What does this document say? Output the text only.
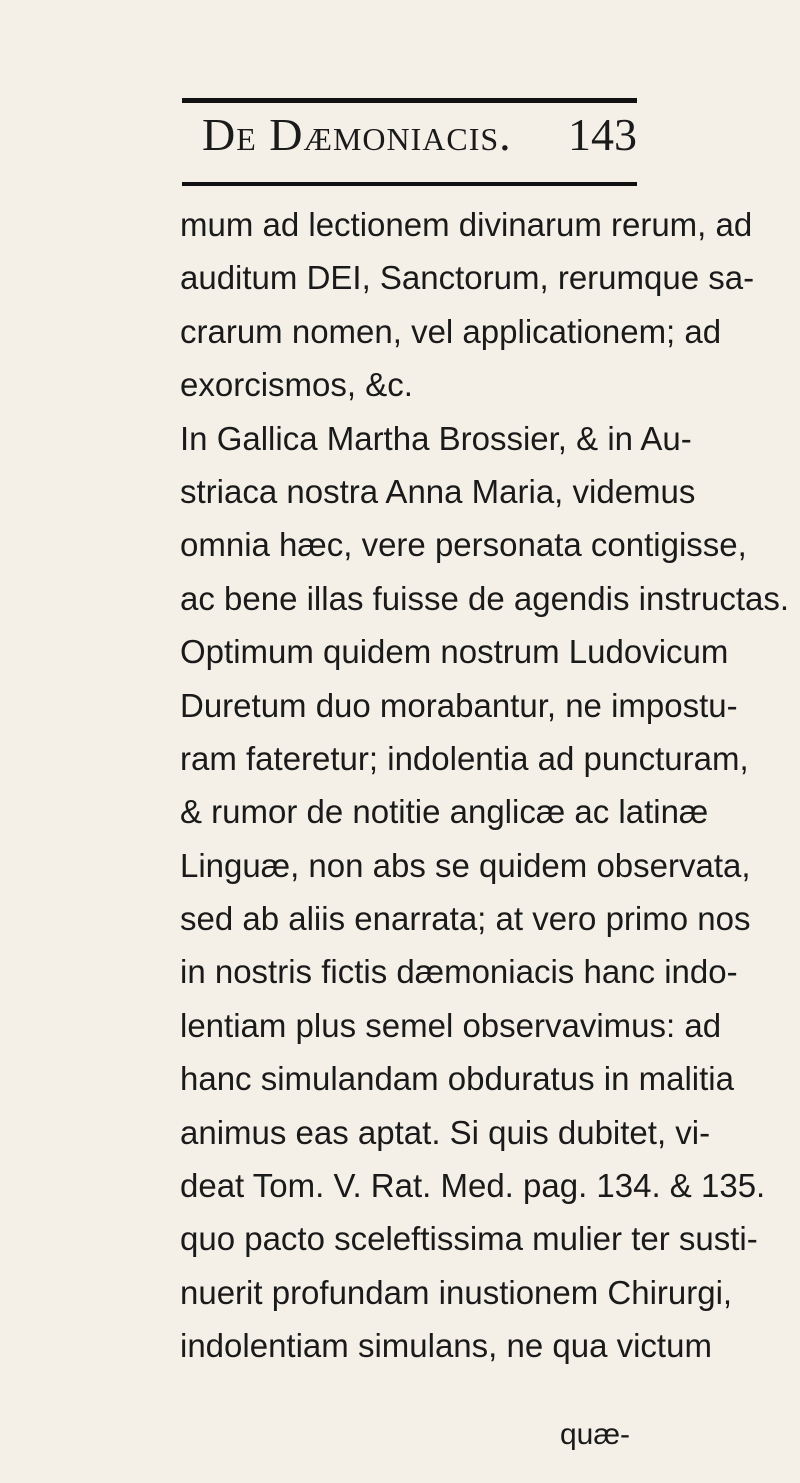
De Dæmoniacis. 143
mum ad lectionem divinarum rerum, ad
auditum DEI, Sanctorum, rerumque sa-
crarum nomen, vel applicationem; ad
exorcismos, &c.
In Gallica Martha Brossier, & in Au-
striaca nostra Anna Maria, videmus
omnia hæc, vere personata contigisse,
ac bene illas fuisse de agendis instructas.
Optimum quidem nostrum Ludovicum
Duretum duo morabantur, ne impostu-
ram fateretur; indolentia ad puncturam,
& rumor de notitie anglicæ ac latinæ
Linguæ, non abs se quidem observata,
sed ab aliis enarrata; at vero primo nos
in nostris fictis dæmoniacis hanc indo-
lentiam plus semel observavimus: ad
hanc simulandam obduratus in malitia
animus eas aptat. Si quis dubitet, vi-
deat Tom. V. Rat. Med. pag. 134. & 135.
quo pacto sceleftissima mulier ter susti-
nuerit profundam inustionem Chirurgi,
indolentiam simulans, ne qua victum
quæ-
